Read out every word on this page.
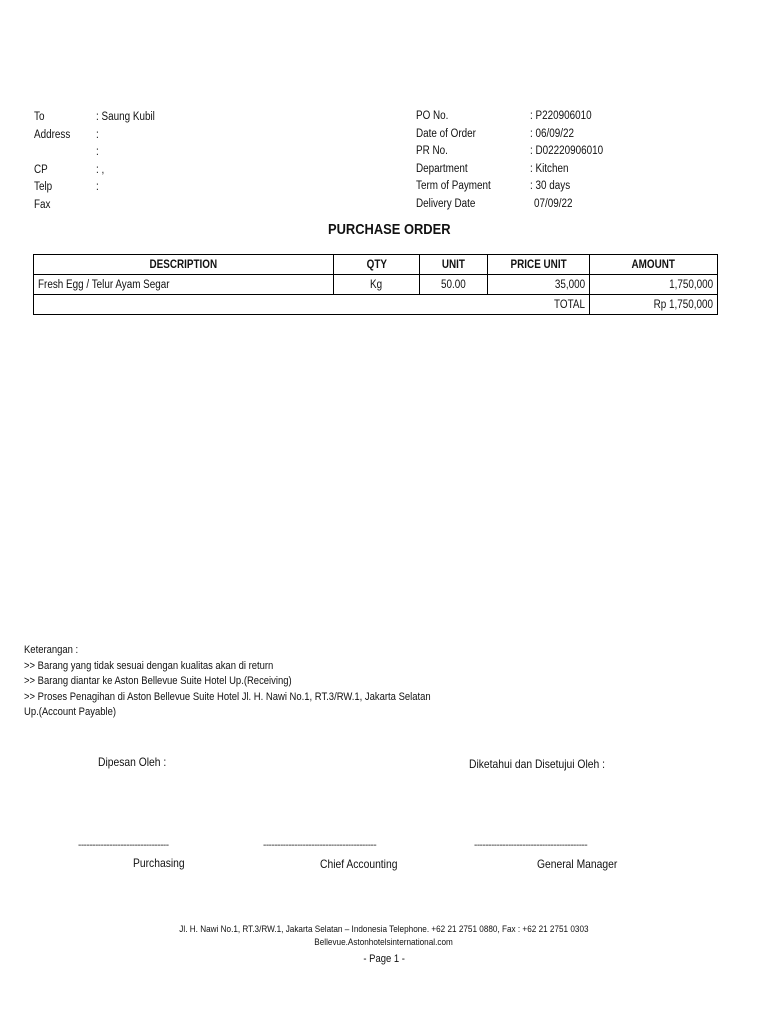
To	: Saung Kubil
Address :
:
CP	: ,
Telp	:
Fax
PO No.	: P220906010
Date of Order	: 06/09/22
PR No.	: D02220906010
Department	: Kitchen
Term of Payment	: 30 days
Delivery Date	07/09/22
PURCHASE ORDER
DESCRIPTION	QTY	UNIT	PRICE UNIT	AMOUNT
Fresh Egg / Telur Ayam Segar	Kg	50.00	35,000	1,750,000
TOTAL				Rp 1,750,000
Keterangan :
>> Barang yang tidak sesuai dengan kualitas akan di return
>> Barang diantar ke Aston Bellevue Suite Hotel Up.(Receiving)
>> Proses Penagihan di Aston Bellevue Suite Hotel Jl. H. Nawi No.1, RT.3/RW.1, Jakarta Selatan
Up.(Account Payable)
Dipesan Oleh :	Diketahui dan Disetujui Oleh :
--------------------------------	----------------------------------------	----------------------------------------
Purchasing	Chief Accounting	General Manager
Jl. H. Nawi No.1, RT.3/RW.1, Jakarta Selatan – Indonesia Telephone. +62 21 2751 0880, Fax : +62 21 2751 0303
Bellevue.Astonhotelsinternational.com
- Page 1 -
